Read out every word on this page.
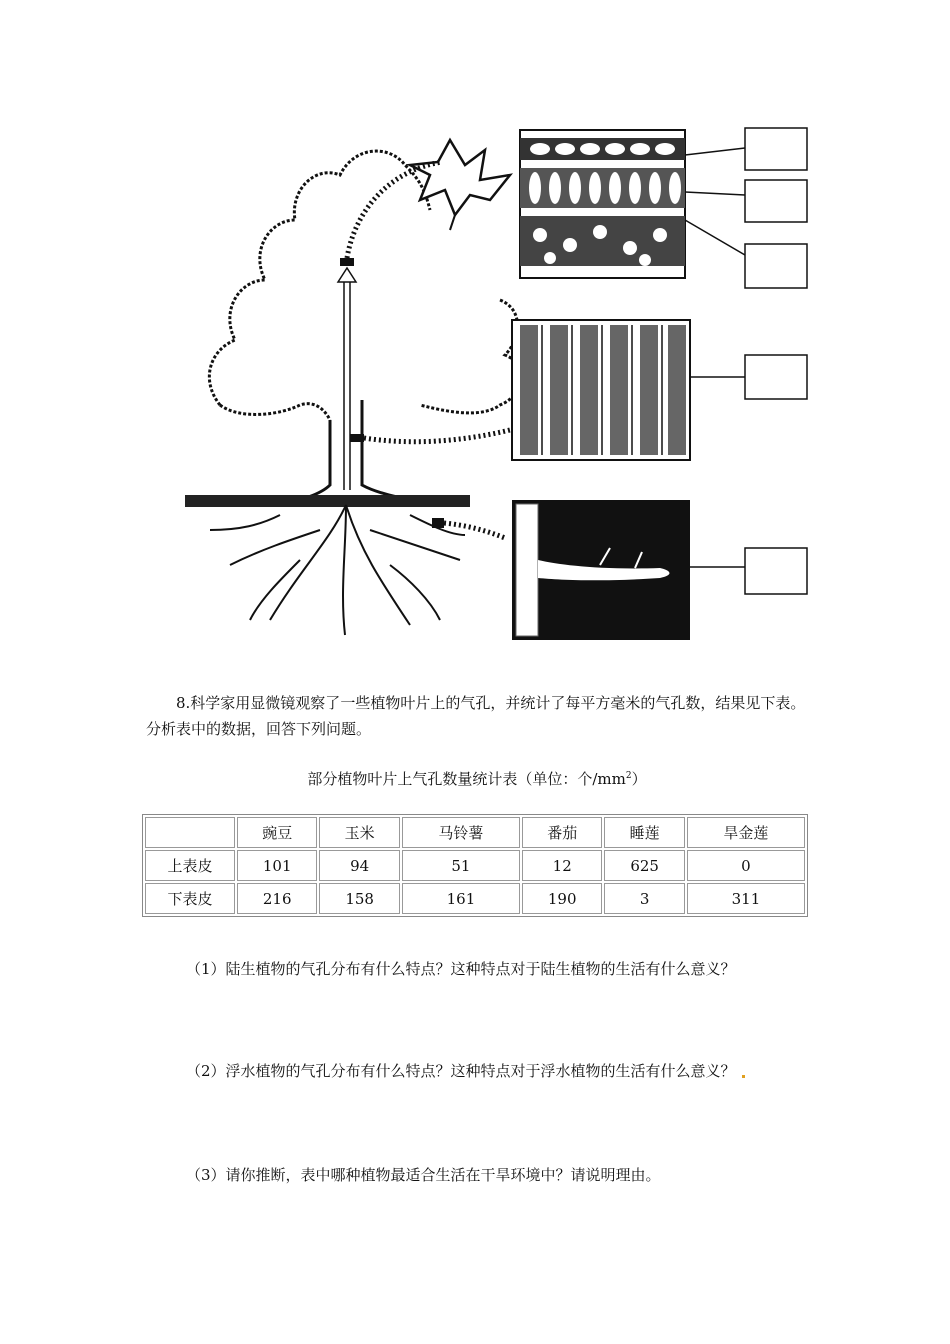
8.科学家用显微镜观察了一些植物叶片上的气孔，并统计了每平方毫米的气孔数，结果见下表。分析表中的数据，回答下列问题。
部分植物叶片上气孔数量统计表（单位：个$/mm^2$）
	豌豆	玉米	马铃薯	番茄	睡莲	旱金莲
上表皮	101	94	51	12	625	0
下表皮	216	158	161	190	3	311
（1）陆生植物的气孔分布有什么特点？这种特点对于陆生植物的生活有什么意义？
（2）浮水植物的气孔分布有什么特点？这种特点对于浮水植物的生活有什么意义？
（3）请你推断，表中哪种植物最适合生活在干旱环境中？请说明理由。
